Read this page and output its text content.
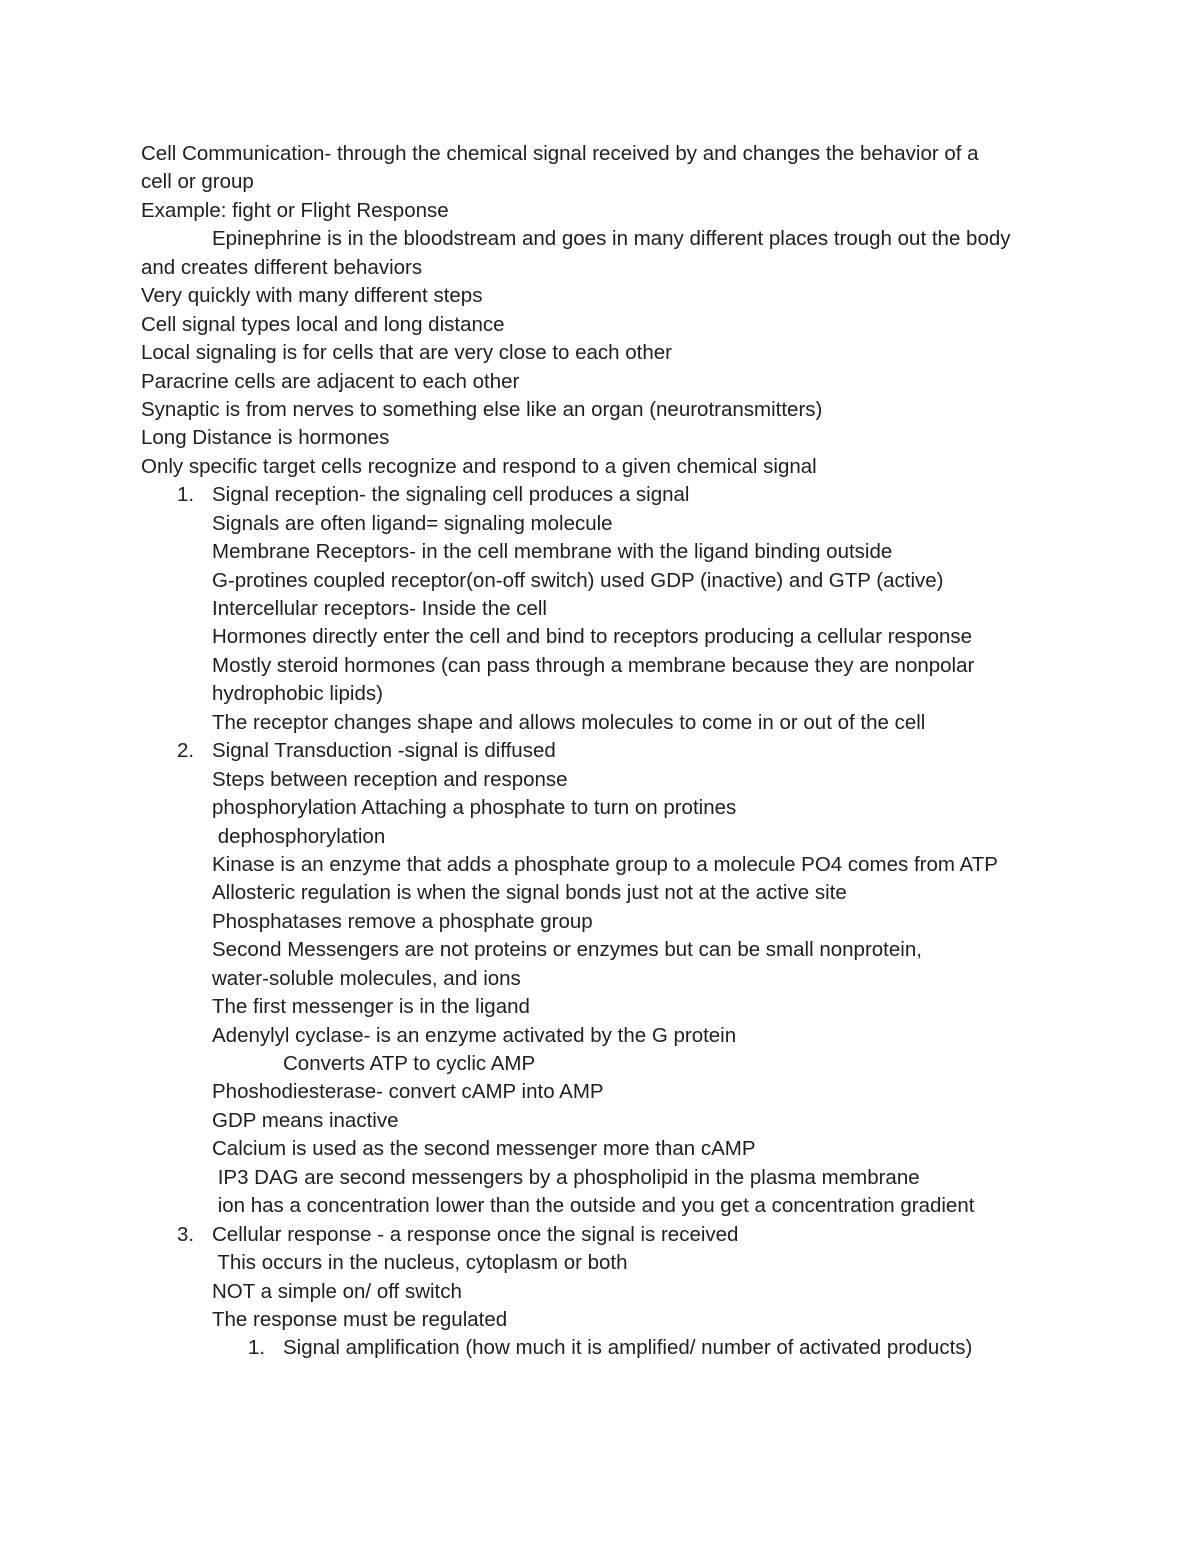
Cell Communication- through the chemical signal received by and changes the behavior of a
cell or group
Example: fight or Flight Response
Epinephrine is in the bloodstream and goes in many different places trough out the body
and creates different behaviors
Very quickly with many different steps
Cell signal types local and long distance
Local signaling is for cells that are very close to each other
Paracrine cells are adjacent to each other
Synaptic is from nerves to something else like an organ (neurotransmitters)
Long Distance is hormones
Only specific target cells recognize and respond to a given chemical signal
1. Signal reception- the signaling cell produces a signal
Signals are often ligand= signaling molecule
Membrane Receptors- in the cell membrane with the ligand binding outside
G-protines coupled receptor(on-off switch) used GDP (inactive) and GTP (active)
Intercellular receptors- Inside the cell
Hormones directly enter the cell and bind to receptors producing a cellular response
Mostly steroid hormones (can pass through a membrane because they are nonpolar
hydrophobic lipids)
The receptor changes shape and allows molecules to come in or out of the cell
2. Signal Transduction -signal is diffused
Steps between reception and response
phosphorylation Attaching a phosphate to turn on protines
dephosphorylation
Kinase is an enzyme that adds a phosphate group to a molecule PO4 comes from ATP
Allosteric regulation is when the signal bonds just not at the active site
Phosphatases remove a phosphate group
Second Messengers are not proteins or enzymes but can be small nonprotein,
water-soluble molecules, and ions
The first messenger is in the ligand
Adenylyl cyclase- is an enzyme activated by the G protein
Converts ATP to cyclic AMP
Phoshodiesterase- convert cAMP into AMP
GDP means inactive
Calcium is used as the second messenger more than cAMP
IP3 DAG are second messengers by a phospholipid in the plasma membrane
ion has a concentration lower than the outside and you get a concentration gradient
3. Cellular response - a response once the signal is received
This occurs in the nucleus, cytoplasm or both
NOT a simple on/ off switch
The response must be regulated
1. Signal amplification (how much it is amplified/ number of activated products)
